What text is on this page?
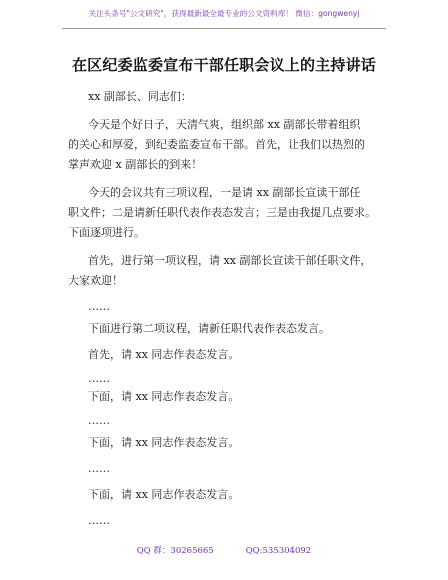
关注头条号"公文研究"，获得最新最全最专业的公文资料库！ 微信：gongwenyj
在区纪委监委宣布干部任职会议上的主持讲话
xx 副部长、同志们：
今天是个好日子，天清气爽，组织部 xx 副部长带着组织
的关心和厚爱，到纪委监委宣布干部。首先，让我们以热烈的
掌声欢迎 x 副部长的到来！
今天的会议共有三项议程，一是请 xx 副部长宣读干部任
职文件；二是请新任职代表作表态发言；三是由我提几点要求。
下面逐项进行。
首先，进行第一项议程，请 xx 副部长宣读干部任职文件，
大家欢迎！
……
下面进行第二项议程，请新任职代表作表态发言。
首先，请 xx 同志作表态发言。
……
下面，请 xx 同志作表态发言。
……
下面，请 xx 同志作表态发言。
……
下面，请 xx 同志作表态发言。
……
QQ 群：30265665	QQ:535304092
